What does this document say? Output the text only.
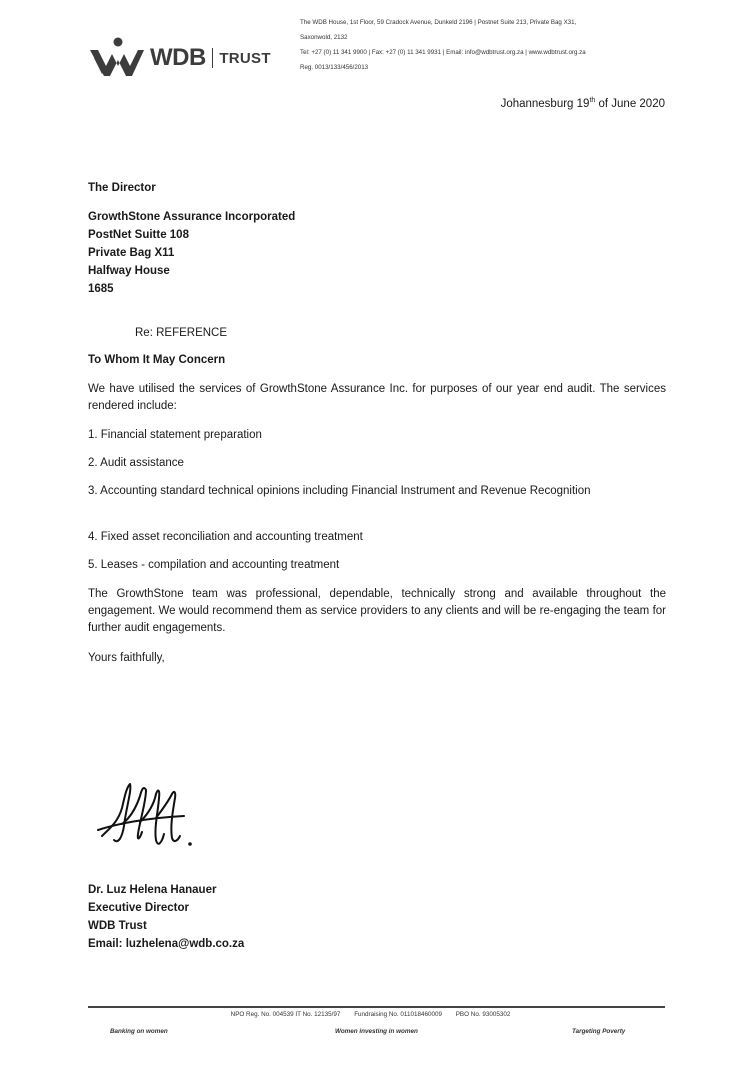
WDB TRUST
The WDB House, 1st Floor, 59 Cradock Avenue, Dunkeld 2196 | Postnet Suite 213, Private Bag X31,
Saxonwold, 2132
Tel: +27 (0) 11 341 9900 | Fax: +27 (0) 11 341 9931 | Email: info@wdbtrust.org.za | www.wdbtrust.org.za
Reg. 0013/133/456/2013
Johannesburg 19th of June 2020
The Director
GrowthStone Assurance Incorporated
PostNet Suitte 108
Private Bag X11
Halfway House
1685
Re: REFERENCE
To Whom It May Concern
We have utilised the services of GrowthStone Assurance Inc. for purposes of our year end audit. The services rendered include:
1. Financial statement preparation
2. Audit assistance
3. Accounting standard technical opinions including Financial Instrument and Revenue Recognition
4. Fixed asset reconciliation and accounting treatment
5. Leases - compilation and accounting treatment
The GrowthStone team was professional, dependable, technically strong and available throughout the engagement. We would recommend them as service providers to any clients and will be re-engaging the team for further audit engagements.
Yours faithfully,
Dr. Luz Helena Hanauer
Executive Director
WDB Trust
Email: luzhelena@wdb.co.za
NPO Reg. No. 004539 IT No. 12135/97 Fundraising No. 011018460009 PBO No. 93005302
Banking on women	Women investing in women	Targeting Poverty
